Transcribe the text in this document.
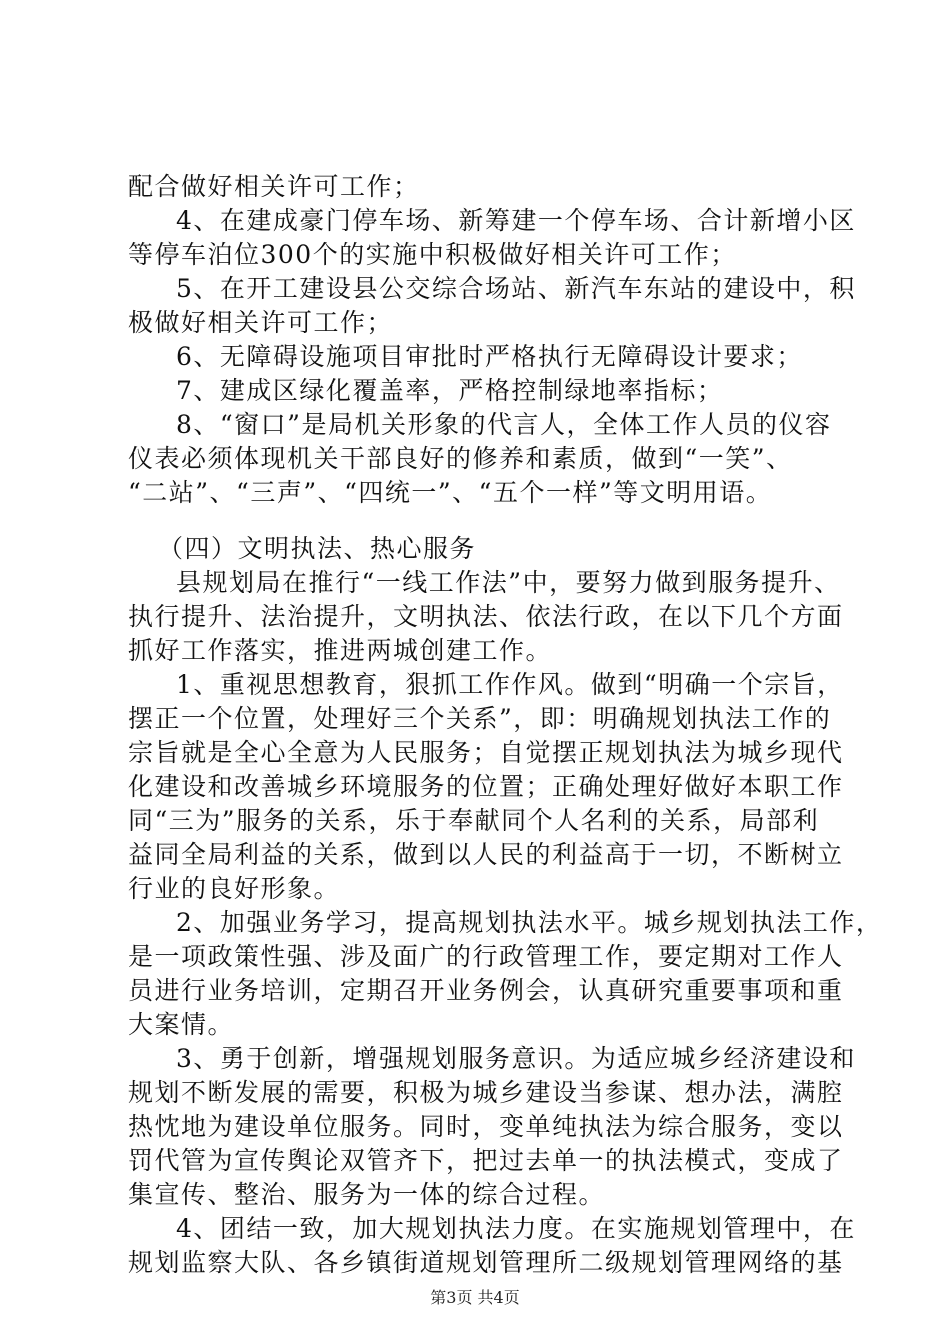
配合做好相关许可工作；
4、在建成豪门停车场、新筹建一个停车场、合计新增小区
等停车泊位300个的实施中积极做好相关许可工作；
5、在开工建设县公交综合场站、新汽车东站的建设中，积
极做好相关许可工作；
6、无障碍设施项目审批时严格执行无障碍设计要求；
7、建成区绿化覆盖率，严格控制绿地率指标；
8、“窗口”是局机关形象的代言人，全体工作人员的仪容
仪表必须体现机关干部良好的修养和素质，做到“一笑”、
“二站”、“三声”、“四统一”、“五个一样”等文明用语。
（四）文明执法、热心服务
县规划局在推行“一线工作法”中，要努力做到服务提升、
执行提升、法治提升，文明执法、依法行政，在以下几个方面
抓好工作落实，推进两城创建工作。
1、重视思想教育，狠抓工作作风。做到“明确一个宗旨，
摆正一个位置，处理好三个关系”，即：明确规划执法工作的
宗旨就是全心全意为人民服务；自觉摆正规划执法为城乡现代
化建设和改善城乡环境服务的位置；正确处理好做好本职工作
同“三为”服务的关系，乐于奉献同个人名利的关系，局部利
益同全局利益的关系，做到以人民的利益高于一切，不断树立
行业的良好形象。
2、加强业务学习，提高规划执法水平。城乡规划执法工作，
是一项政策性强、涉及面广的行政管理工作，要定期对工作人
员进行业务培训，定期召开业务例会，认真研究重要事项和重
大案情。
3、勇于创新，增强规划服务意识。为适应城乡经济建设和
规划不断发展的需要，积极为城乡建设当参谋、想办法，满腔
热忱地为建设单位服务。同时，变单纯执法为综合服务，变以
罚代管为宣传舆论双管齐下，把过去单一的执法模式，变成了
集宣传、整治、服务为一体的综合过程。
4、团结一致，加大规划执法力度。在实施规划管理中，在
规划监察大队、各乡镇街道规划管理所二级规划管理网络的基
第3页 共4页
